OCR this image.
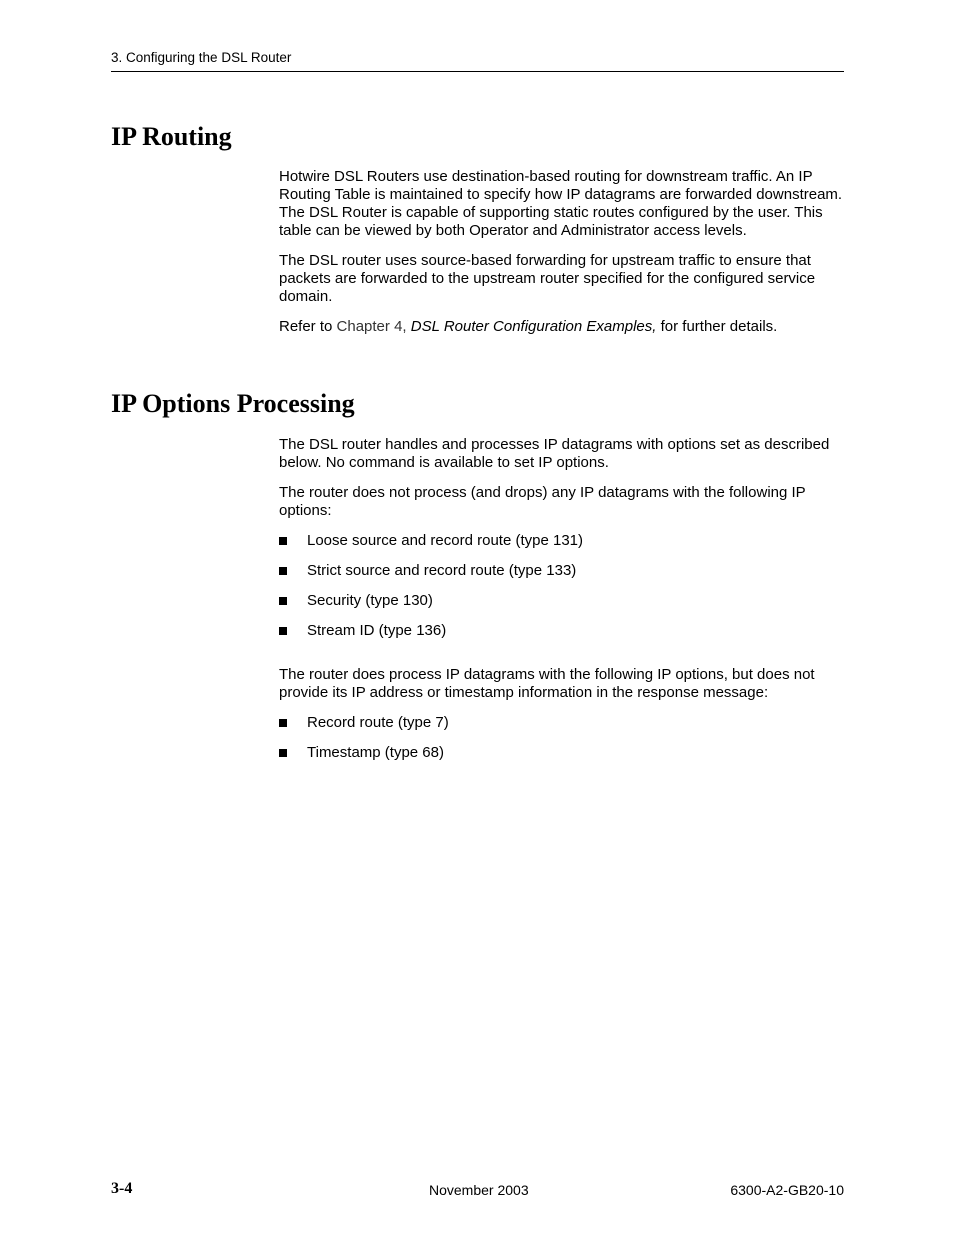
3. Configuring the DSL Router
IP Routing

Hotwire DSL Routers use destination-based routing for downstream traffic. An IP Routing Table is maintained to specify how IP datagrams are forwarded downstream. The DSL Router is capable of supporting static routes configured by the user. This table can be viewed by both Operator and Administrator access levels.

The DSL router uses source-based forwarding for upstream traffic to ensure that packets are forwarded to the upstream router specified for the configured service domain.

Refer to Chapter 4, DSL Router Configuration Examples, for further details.

IP Options Processing

The DSL router handles and processes IP datagrams with options set as described below. No command is available to set IP options.

The router does not process (and drops) any IP datagrams with the following IP options:

Loose source and record route (type 131)
Strict source and record route (type 133)
Security (type 130)
Stream ID (type 136)

The router does process IP datagrams with the following IP options, but does not provide its IP address or timestamp information in the response message:

Record route (type 7)
Timestamp (type 68)
3-4	November 2003	6300-A2-GB20-10
